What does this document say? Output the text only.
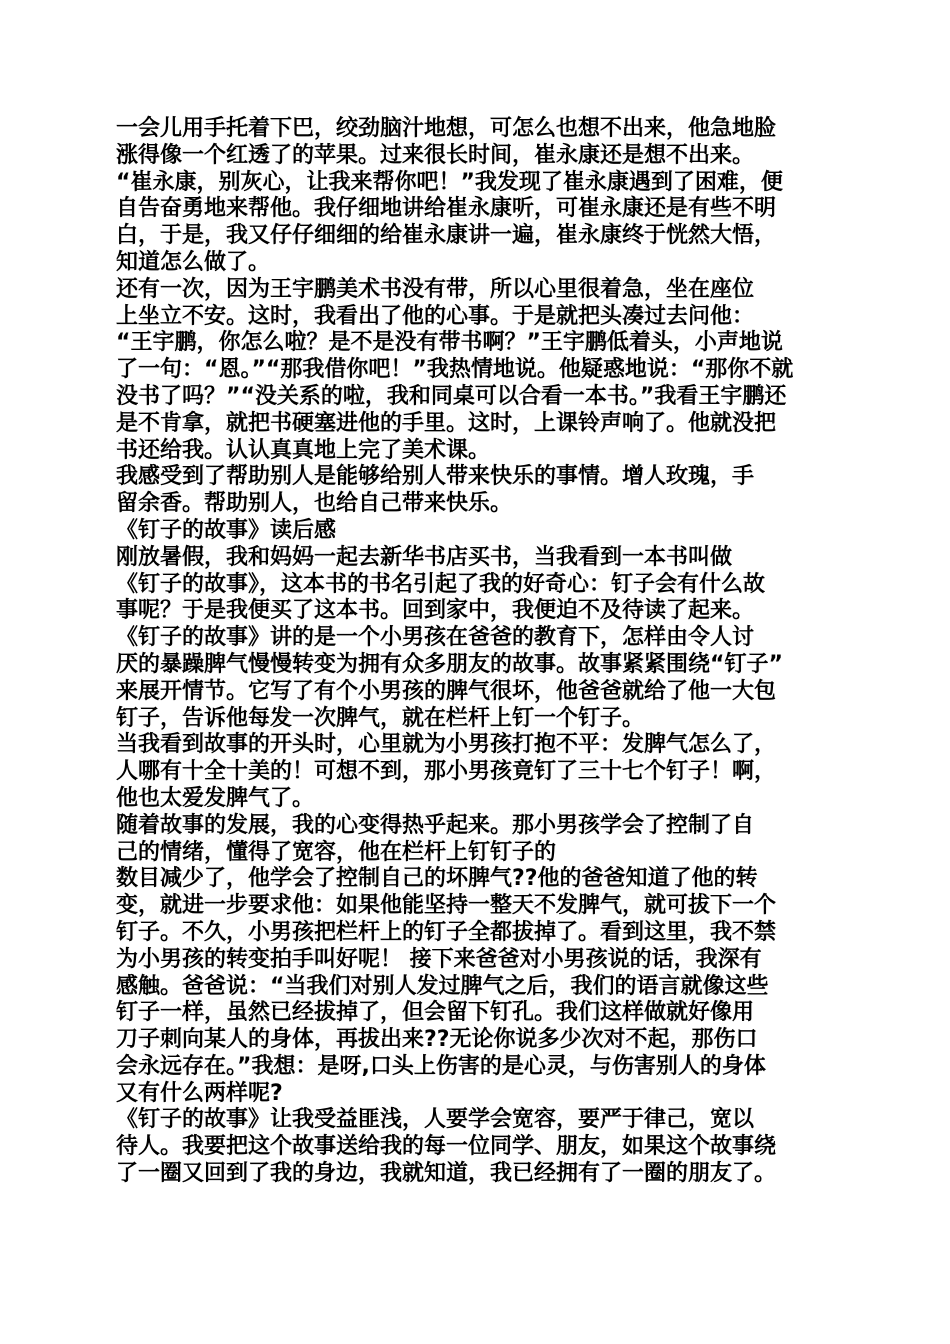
一会儿用手托着下巴，绞劲脑汁地想，可怎么也想不出来，他急地脸
涨得像一个红透了的苹果。过来很长时间，崔永康还是想不出来。
“崔永康，别灰心，让我来帮你吧！”我发现了崔永康遇到了困难，便
自告奋勇地来帮他。我仔细地讲给崔永康听，可崔永康还是有些不明
白，于是，我又仔仔细细的给崔永康讲一遍，崔永康终于恍然大悟，
知道怎么做了。
还有一次，因为王宇鹏美术书没有带，所以心里很着急，坐在座位
上坐立不安。这时，我看出了他的心事。于是就把头凑过去问他：
“王宇鹏，你怎么啦？是不是没有带书啊？”王宇鹏低着头，小声地说
了一句：“恩。”“那我借你吧！”我热情地说。他疑惑地说：“那你不就
没书了吗？”“没关系的啦，我和同桌可以合看一本书。”我看王宇鹏还
是不肯拿，就把书硬塞进他的手里。这时，上课铃声响了。他就没把
书还给我。认认真真地上完了美术课。
我感受到了帮助别人是能够给别人带来快乐的事情。增人玫瑰，手
留余香。帮助别人，也给自己带来快乐。
《钉子的故事》读后感
刚放暑假，我和妈妈一起去新华书店买书，当我看到一本书叫做
《钉子的故事》，这本书的书名引起了我的好奇心：钉子会有什么故
事呢？于是我便买了这本书。回到家中，我便迫不及待读了起来。
《钉子的故事》讲的是一个小男孩在爸爸的教育下，怎样由令人讨
厌的暴躁脾气慢慢转变为拥有众多朋友的故事。故事紧紧围绕“钉子”
来展开情节。它写了有个小男孩的脾气很坏，他爸爸就给了他一大包
钉子，告诉他每发一次脾气，就在栏杆上钉一个钉子。
当我看到故事的开头时，心里就为小男孩打抱不平：发脾气怎么了，
人哪有十全十美的！可想不到，那小男孩竟钉了三十七个钉子！啊，
他也太爱发脾气了。
随着故事的发展，我的心变得热乎起来。那小男孩学会了控制了自
己的情绪，懂得了宽容，他在栏杆上钉钉子的
数目减少了，他学会了控制自己的坏脾气??他的爸爸知道了他的转
变，就进一步要求他：如果他能坚持一整天不发脾气，就可拔下一个
钉子。不久，小男孩把栏杆上的钉子全都拔掉了。看到这里，我不禁
为小男孩的转变拍手叫好呢！ 接下来爸爸对小男孩说的话，我深有
感触。爸爸说：“当我们对别人发过脾气之后，我们的语言就像这些
钉子一样，虽然已经拔掉了，但会留下钉孔。我们这样做就好像用
刀子刺向某人的身体，再拔出来??无论你说多少次对不起，那伤口
会永远存在。”我想：是呀,口头上伤害的是心灵，与伤害别人的身体
又有什么两样呢?
《钉子的故事》让我受益匪浅，人要学会宽容，要严于律己，宽以
待人。我要把这个故事送给我的每一位同学、朋友，如果这个故事绕
了一圈又回到了我的身边，我就知道，我已经拥有了一圈的朋友了。
